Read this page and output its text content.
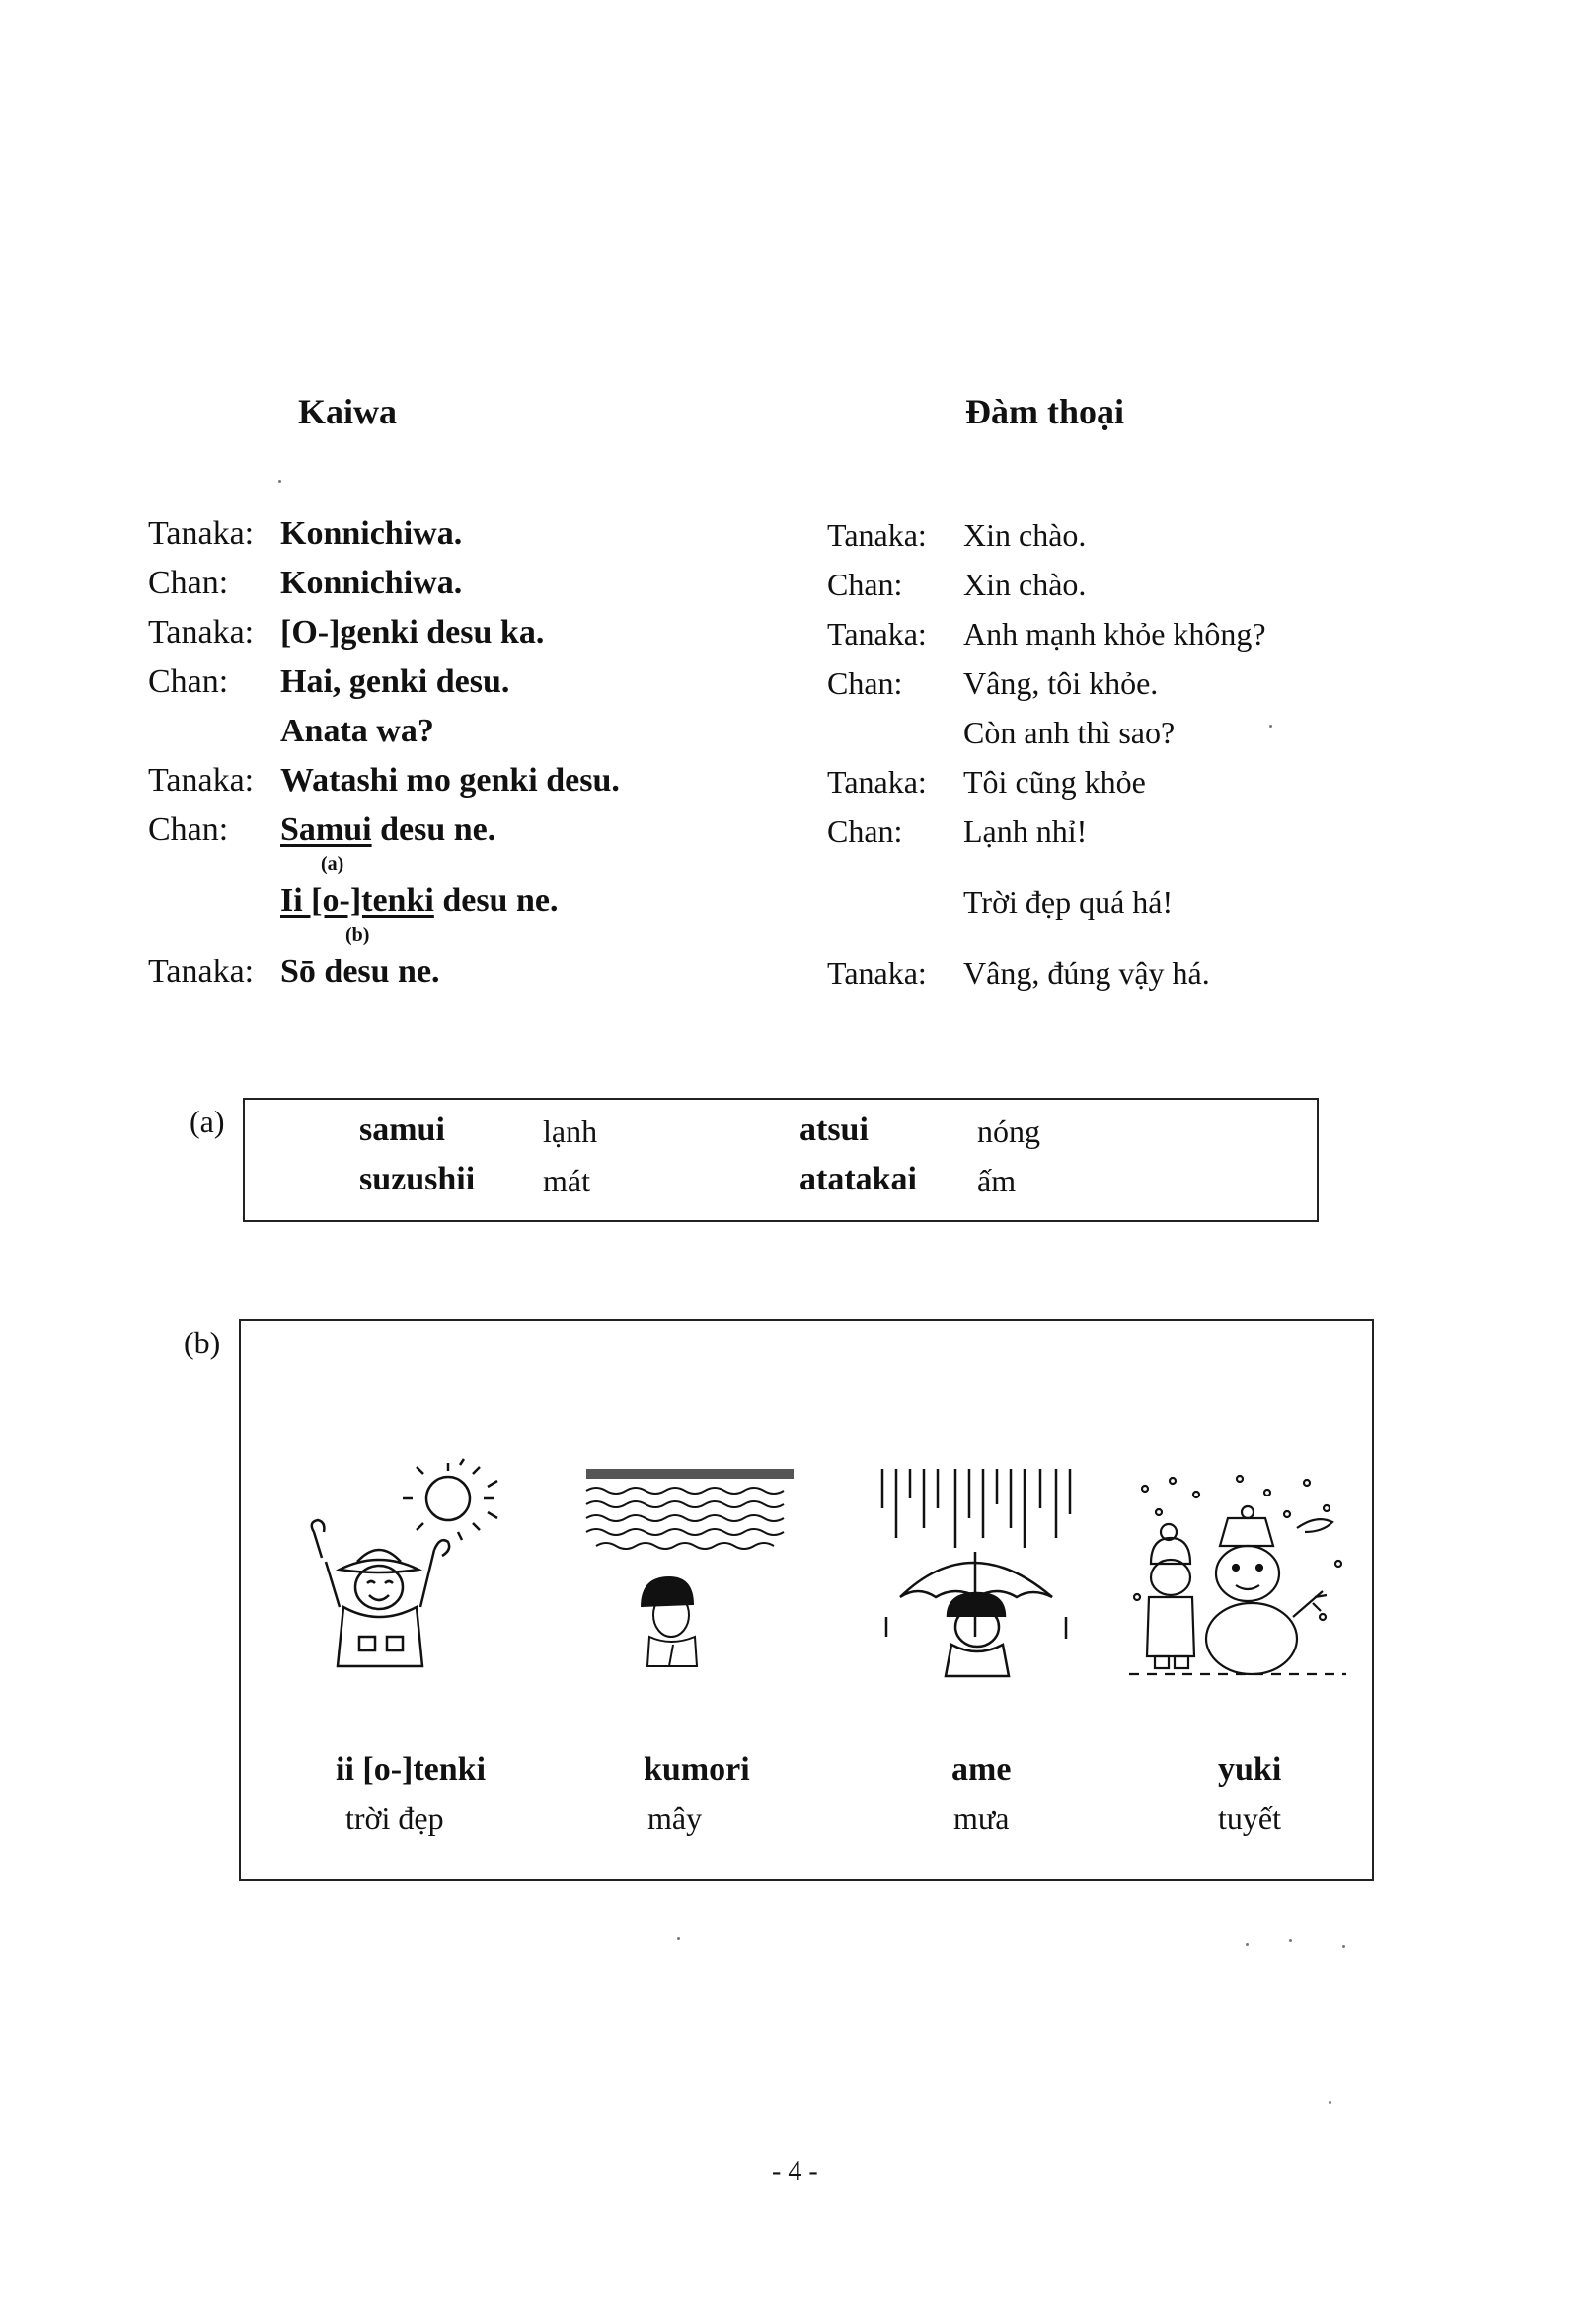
Kaiwa	Đàm thoại
Tanaka: Konnichiwa.
Chan: Konnichiwa.
Tanaka: [O-]genki desu ka.
Chan: Hai, genki desu.
Anata wa?
Tanaka: Watashi mo genki desu.
Chan: Samui desu ne.
(a)
Ii [o-]tenki desu ne.
(b)
Tanaka: Sō desu ne.
Tanaka: Xin chào.
Chan: Xin chào.
Tanaka: Anh mạnh khỏe không?
Chan: Vâng, tôi khỏe.
Còn anh thì sao?
Tanaka: Tôi cũng khỏe
Chan: Lạnh nhỉ!
Trời đẹp quá há!
Tanaka: Vâng, đúng vậy há.
(a)	samui	lạnh	atsui	nóng
suzushii mát	atatakai ấm
(b)
ii [o-]tenki
trời đẹp
kumori
mây
ame
mưa
yuki
tuyết
- 4 -
